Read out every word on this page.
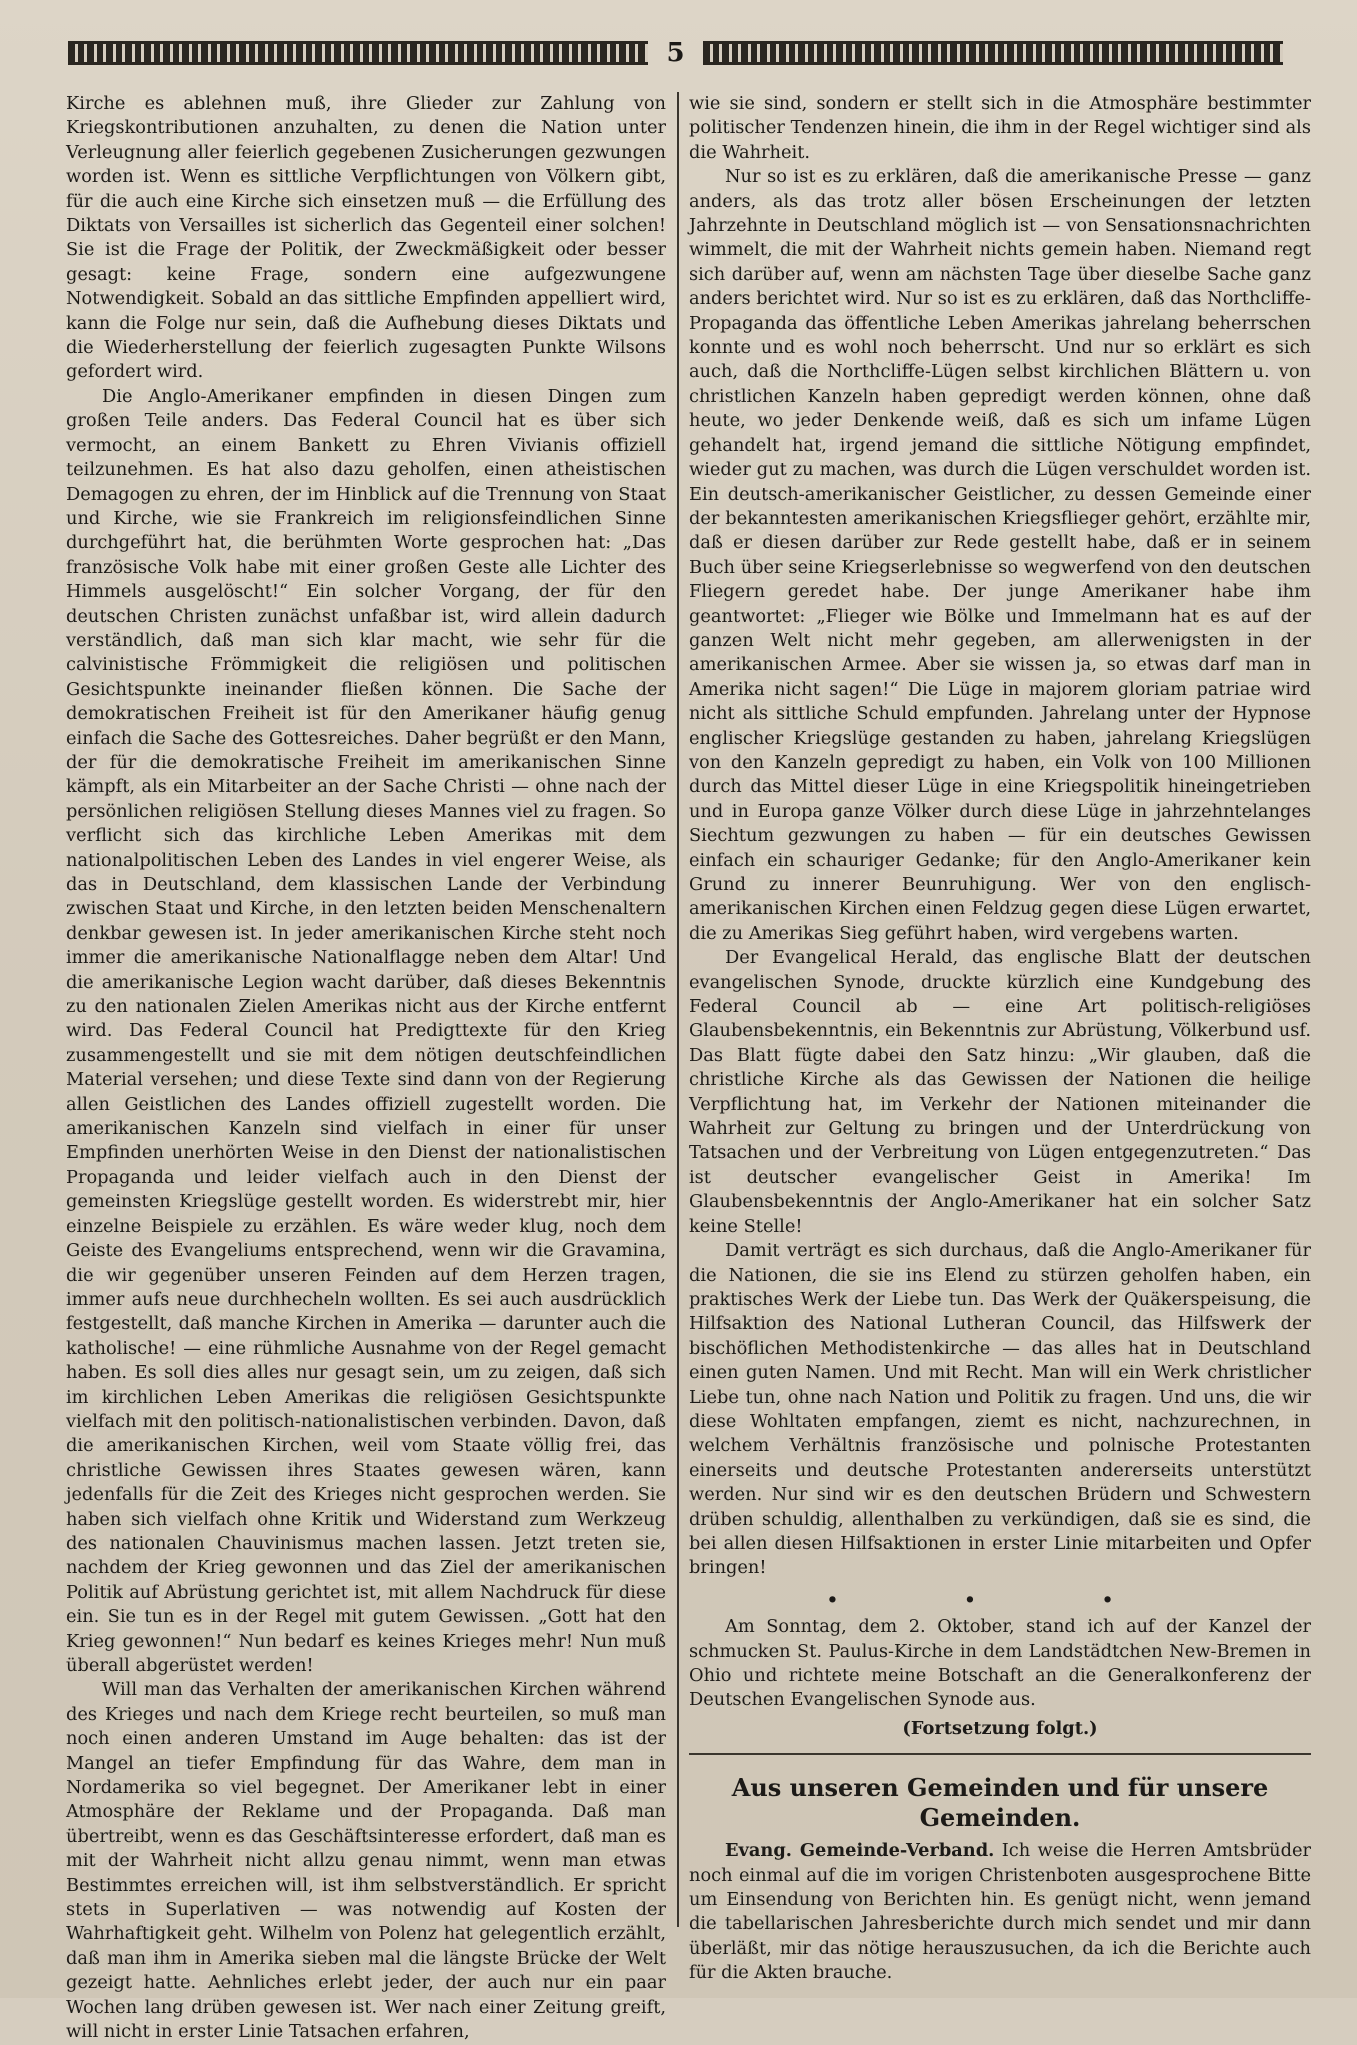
5

Kirche es ablehnen muß, ihre Glieder zur Zahlung von Kriegskontributionen anzuhalten, zu denen die Nation unter Verleugnung aller feierlich gegebenen Zusicherungen gezwungen worden ist. Wenn es sittliche Verpflichtungen von Völkern gibt, für die auch eine Kirche sich einsetzen muß — die Erfüllung des Diktats von Versailles ist sicherlich das Gegenteil einer solchen! Sie ist die Frage der Politik, der Zweckmäßigkeit oder besser gesagt: keine Frage, sondern eine aufgezwungene Notwendigkeit. Sobald an das sittliche Empfinden appelliert wird, kann die Folge nur sein, daß die Aufhebung dieses Diktats und die Wiederherstellung der feierlich zugesagten Punkte Wilsons gefordert wird.

Die Anglo-Amerikaner empfinden in diesen Dingen zum großen Teile anders. Das Federal Council hat es über sich vermocht, an einem Bankett zu Ehren Vivianis offiziell teilzunehmen. Es hat also dazu geholfen, einen atheistischen Demagogen zu ehren, der im Hinblick auf die Trennung von Staat und Kirche, wie sie Frankreich im religionsfeindlichen Sinne durchgeführt hat, die berühmten Worte gesprochen hat: „Das französische Volk habe mit einer großen Geste alle Lichter des Himmels ausgelöscht!“ Ein solcher Vorgang, der für den deutschen Christen zunächst unfaßbar ist, wird allein dadurch verständlich, daß man sich klar macht, wie sehr für die calvinistische Frömmigkeit die religiösen und politischen Gesichtspunkte ineinander fließen können. Die Sache der demokratischen Freiheit ist für den Amerikaner häufig genug einfach die Sache des Gottesreiches. Daher begrüßt er den Mann, der für die demokratische Freiheit im amerikanischen Sinne kämpft, als ein Mitarbeiter an der Sache Christi — ohne nach der persönlichen religiösen Stellung dieses Mannes viel zu fragen. So verflicht sich das kirchliche Leben Amerikas mit dem nationalpolitischen Leben des Landes in viel engerer Weise, als das in Deutschland, dem klassischen Lande der Verbindung zwischen Staat und Kirche, in den letzten beiden Menschenaltern denkbar gewesen ist. In jeder amerikanischen Kirche steht noch immer die amerikanische Nationalflagge neben dem Altar! Und die amerikanische Legion wacht darüber, daß dieses Bekenntnis zu den nationalen Zielen Amerikas nicht aus der Kirche entfernt wird. Das Federal Council hat Predigttexte für den Krieg zusammengestellt und sie mit dem nötigen deutschfeindlichen Material versehen; und diese Texte sind dann von der Regierung allen Geistlichen des Landes offiziell zugestellt worden. Die amerikanischen Kanzeln sind vielfach in einer für unser Empfinden unerhörten Weise in den Dienst der nationalistischen Propaganda und leider vielfach auch in den Dienst der gemeinsten Kriegslüge gestellt worden. Es widerstrebt mir, hier einzelne Beispiele zu erzählen. Es wäre weder klug, noch dem Geiste des Evangeliums entsprechend, wenn wir die Gravamina, die wir gegenüber unseren Feinden auf dem Herzen tragen, immer aufs neue durchhecheln wollten. Es sei auch ausdrücklich festgestellt, daß manche Kirchen in Amerika — darunter auch die katholische! — eine rühmliche Ausnahme von der Regel gemacht haben. Es soll dies alles nur gesagt sein, um zu zeigen, daß sich im kirchlichen Leben Amerikas die religiösen Gesichtspunkte vielfach mit den politisch-nationalistischen verbinden. Davon, daß die amerikanischen Kirchen, weil vom Staate völlig frei, das christliche Gewissen ihres Staates gewesen wären, kann jedenfalls für die Zeit des Krieges nicht gesprochen werden. Sie haben sich vielfach ohne Kritik und Widerstand zum Werkzeug des nationalen Chauvinismus machen lassen. Jetzt treten sie, nachdem der Krieg gewonnen und das Ziel der amerikanischen Politik auf Abrüstung gerichtet ist, mit allem Nachdruck für diese ein. Sie tun es in der Regel mit gutem Gewissen. „Gott hat den Krieg gewonnen!“ Nun bedarf es keines Krieges mehr! Nun muß überall abgerüstet werden!

Will man das Verhalten der amerikanischen Kirchen während des Krieges und nach dem Kriege recht beurteilen, so muß man noch einen anderen Umstand im Auge behalten: das ist der Mangel an tiefer Empfindung für das Wahre, dem man in Nordamerika so viel begegnet. Der Amerikaner lebt in einer Atmosphäre der Reklame und der Propaganda. Daß man übertreibt, wenn es das Geschäftsinteresse erfordert, daß man es mit der Wahrheit nicht allzu genau nimmt, wenn man etwas Bestimmtes erreichen will, ist ihm selbstverständlich. Er spricht stets in Superlativen — was notwendig auf Kosten der Wahrhaftigkeit geht. Wilhelm von Polenz hat gelegentlich erzählt, daß man ihm in Amerika sieben mal die längste Brücke der Welt gezeigt hatte. Aehnliches erlebt jeder, der auch nur ein paar Wochen lang drüben gewesen ist. Wer nach einer Zeitung greift, will nicht in erster Linie Tatsachen erfahren,

wie sie sind, sondern er stellt sich in die Atmosphäre bestimmter politischer Tendenzen hinein, die ihm in der Regel wichtiger sind als die Wahrheit.

Nur so ist es zu erklären, daß die amerikanische Presse — ganz anders, als das trotz aller bösen Erscheinungen der letzten Jahrzehnte in Deutschland möglich ist — von Sensationsnachrichten wimmelt, die mit der Wahrheit nichts gemein haben. Niemand regt sich darüber auf, wenn am nächsten Tage über dieselbe Sache ganz anders berichtet wird. Nur so ist es zu erklären, daß das Northcliffe-Propaganda das öffentliche Leben Amerikas jahrelang beherrschen konnte und es wohl noch beherrscht. Und nur so erklärt es sich auch, daß die Northcliffe-Lügen selbst kirchlichen Blättern u. von christlichen Kanzeln haben gepredigt werden können, ohne daß heute, wo jeder Denkende weiß, daß es sich um infame Lügen gehandelt hat, irgend jemand die sittliche Nötigung empfindet, wieder gut zu machen, was durch die Lügen verschuldet worden ist. Ein deutsch-amerikanischer Geistlicher, zu dessen Gemeinde einer der bekanntesten amerikanischen Kriegsflieger gehört, erzählte mir, daß er diesen darüber zur Rede gestellt habe, daß er in seinem Buch über seine Kriegserlebnisse so wegwerfend von den deutschen Fliegern geredet habe. Der junge Amerikaner habe ihm geantwortet: „Flieger wie Bölke und Immelmann hat es auf der ganzen Welt nicht mehr gegeben, am allerwenigsten in der amerikanischen Armee. Aber sie wissen ja, so etwas darf man in Amerika nicht sagen!“ Die Lüge in majorem gloriam patriae wird nicht als sittliche Schuld empfunden. Jahrelang unter der Hypnose englischer Kriegslüge gestanden zu haben, jahrelang Kriegslügen von den Kanzeln gepredigt zu haben, ein Volk von 100 Millionen durch das Mittel dieser Lüge in eine Kriegspolitik hineingetrieben und in Europa ganze Völker durch diese Lüge in jahrzehntelanges Siechtum gezwungen zu haben — für ein deutsches Gewissen einfach ein schauriger Gedanke; für den Anglo-Amerikaner kein Grund zu innerer Beunruhigung. Wer von den englisch-amerikanischen Kirchen einen Feldzug gegen diese Lügen erwartet, die zu Amerikas Sieg geführt haben, wird vergebens warten.

Der Evangelical Herald, das englische Blatt der deutschen evangelischen Synode, druckte kürzlich eine Kundgebung des Federal Council ab — eine Art politisch-religiöses Glaubensbekenntnis, ein Bekenntnis zur Abrüstung, Völkerbund usf. Das Blatt fügte dabei den Satz hinzu: „Wir glauben, daß die christliche Kirche als das Gewissen der Nationen die heilige Verpflichtung hat, im Verkehr der Nationen miteinander die Wahrheit zur Geltung zu bringen und der Unterdrückung von Tatsachen und der Verbreitung von Lügen entgegenzutreten.“ Das ist deutscher evangelischer Geist in Amerika! Im Glaubensbekenntnis der Anglo-Amerikaner hat ein solcher Satz keine Stelle!

Damit verträgt es sich durchaus, daß die Anglo-Amerikaner für die Nationen, die sie ins Elend zu stürzen geholfen haben, ein praktisches Werk der Liebe tun. Das Werk der Quäkerspeisung, die Hilfsaktion des National Lutheran Council, das Hilfswerk der bischöflichen Methodistenkirche — das alles hat in Deutschland einen guten Namen. Und mit Recht. Man will ein Werk christlicher Liebe tun, ohne nach Nation und Politik zu fragen. Und uns, die wir diese Wohltaten empfangen, ziemt es nicht, nachzurechnen, in welchem Verhältnis französische und polnische Protestanten einerseits und deutsche Protestanten andererseits unterstützt werden. Nur sind wir es den deutschen Brüdern und Schwestern drüben schuldig, allenthalben zu verkündigen, daß sie es sind, die bei allen diesen Hilfsaktionen in erster Linie mitarbeiten und Opfer bringen!

• • •

Am Sonntag, dem 2. Oktober, stand ich auf der Kanzel der schmucken St. Paulus-Kirche in dem Landstädtchen New-Bremen in Ohio und richtete meine Botschaft an die Generalkonferenz der Deutschen Evangelischen Synode aus.

(Fortsetzung folgt.)
Aus unseren Gemeinden und für unsere Gemeinden.

Evang. Gemeinde-Verband. Ich weise die Herren Amtsbrüder noch einmal auf die im vorigen Christenboten ausgesprochene Bitte um Einsendung von Berichten hin. Es genügt nicht, wenn jemand die tabellarischen Jahresberichte durch mich sendet und mir dann überläßt, mir das nötige herauszusuchen, da ich die Berichte auch für die Akten brauche.
